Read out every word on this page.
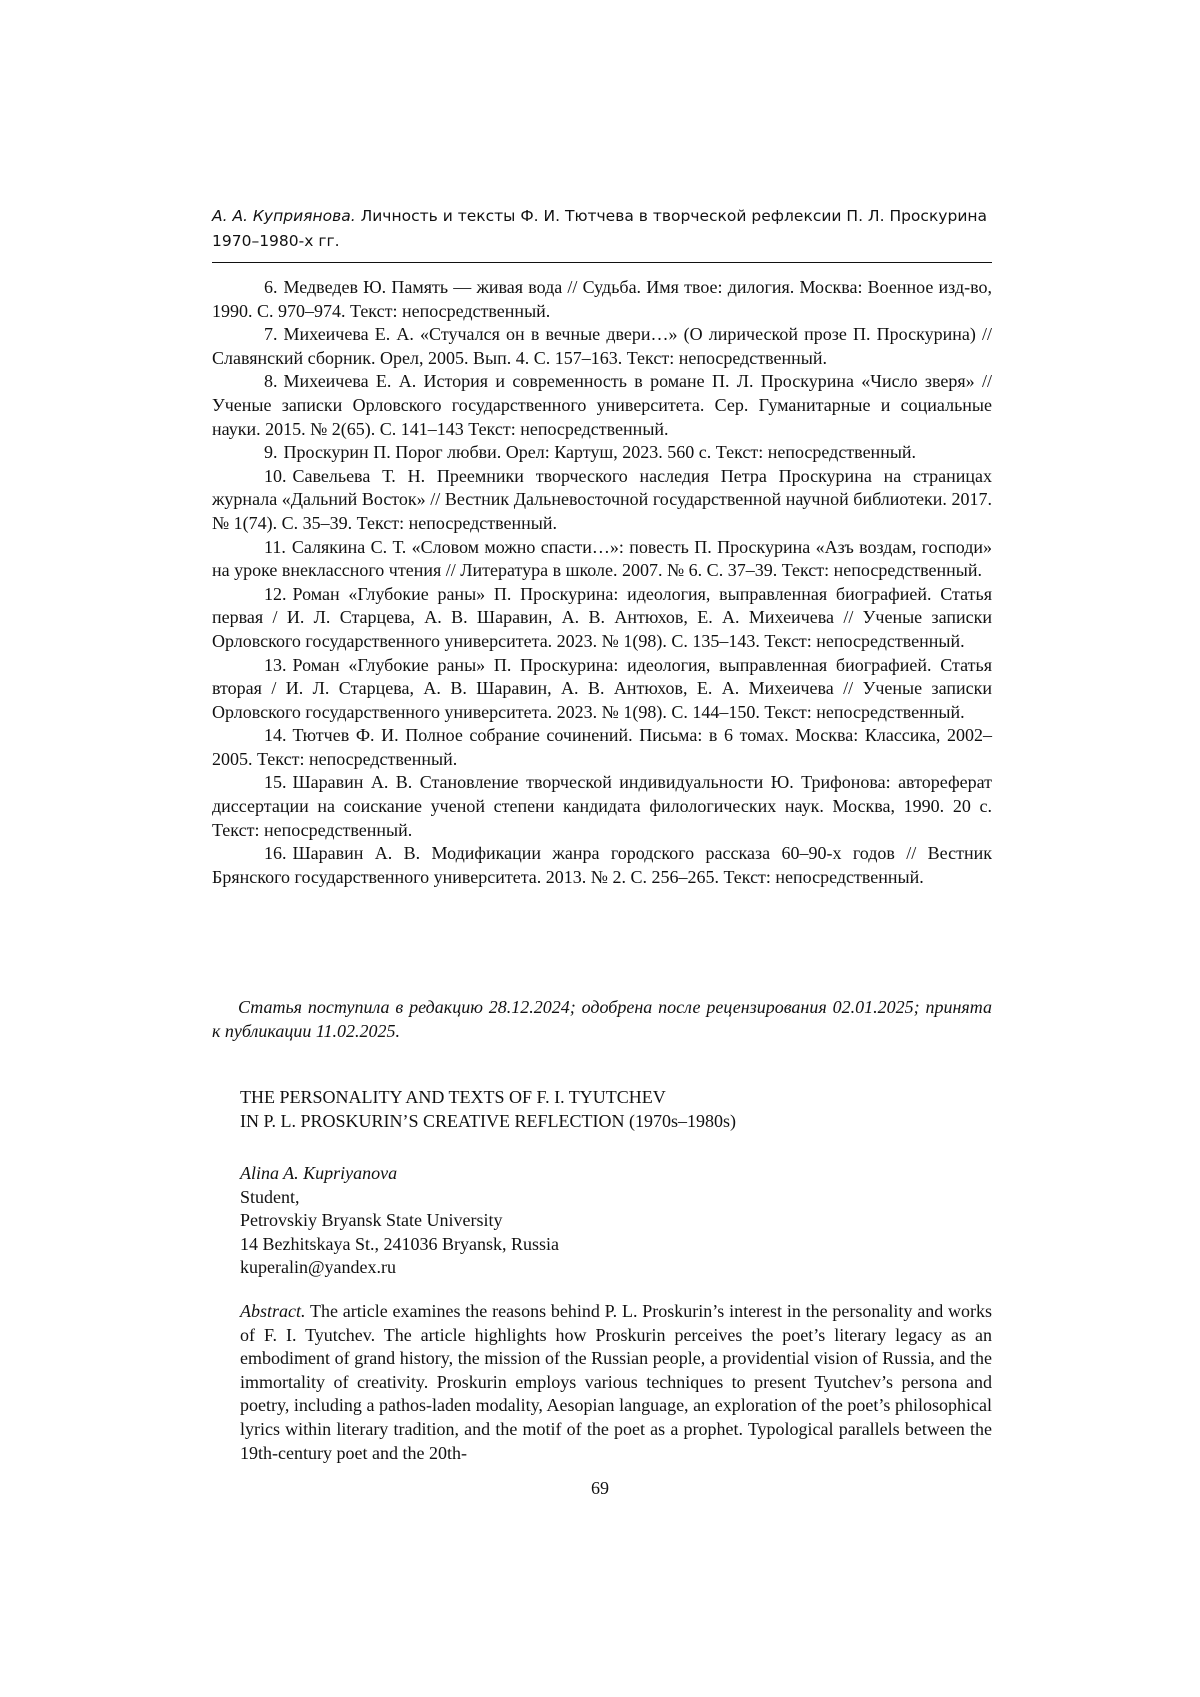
А. А. Куприянова. Личность и тексты Ф. И. Тютчева в творческой рефлексии П. Л. Проскурина 1970–1980-х гг.

6. Медведев Ю. Память — живая вода // Судьба. Имя твое: дилогия. Москва: Военное изд-во, 1990. С. 970–974. Текст: непосредственный.

7. Михеичева Е. А. «Стучался он в вечные двери…» (О лирической прозе П. Проскурина) // Славянский сборник. Орел, 2005. Вып. 4. С. 157–163. Текст: непосредственный.

8. Михеичева Е. А. История и современность в романе П. Л. Проскурина «Число зверя» // Ученые записки Орловского государственного университета. Сер. Гуманитарные и социальные науки. 2015. № 2(65). С. 141–143 Текст: непосредственный.

9. Проскурин П. Порог любви. Орел: Картуш, 2023. 560 с. Текст: непосредственный.

10. Савельева Т. Н. Преемники творческого наследия Петра Проскурина на страницах журнала «Дальний Восток» // Вестник Дальневосточной государственной научной библиотеки. 2017. № 1(74). С. 35–39. Текст: непосредственный.

11. Салякина С. Т. «Словом можно спасти…»: повесть П. Проскурина «Азъ воздам, господи» на уроке внеклассного чтения // Литература в школе. 2007. № 6. С. 37–39. Текст: непосредственный.

12. Роман «Глубокие раны» П. Проскурина: идеология, выправленная биографией. Статья первая / И. Л. Старцева, А. В. Шаравин, А. В. Антюхов, Е. А. Михеичева // Ученые записки Орловского государственного университета. 2023. № 1(98). С. 135–143. Текст: непосредственный.

13. Роман «Глубокие раны» П. Проскурина: идеология, выправленная биографией. Статья вторая / И. Л. Старцева, А. В. Шаравин, А. В. Антюхов, Е. А. Михеичева // Ученые записки Орловского государственного университета. 2023. № 1(98). С. 144–150. Текст: непосредственный.

14. Тютчев Ф. И. Полное собрание сочинений. Письма: в 6 томах. Москва: Классика, 2002–2005. Текст: непосредственный.

15. Шаравин А. В. Становление творческой индивидуальности Ю. Трифонова: автореферат диссертации на соискание ученой степени кандидата филологических наук. Москва, 1990. 20 с. Текст: непосредственный.

16. Шаравин А. В. Модификации жанра городского рассказа 60–90-х годов // Вестник Брянского государственного университета. 2013. № 2. С. 256–265. Текст: непосредственный.

Статья поступила в редакцию 28.12.2024; одобрена после рецензирования 02.01.2025; принята к публикации 11.02.2025.
THE PERSONALITY AND TEXTS OF F. I. TYUTCHEV
IN P. L. PROSKURIN’S CREATIVE REFLECTION (1970s–1980s)
Alina A. Kupriyanova
Student,
Petrovskiy Bryansk State University
14 Bezhitskaya St., 241036 Bryansk, Russia
kuperalin@yandex.ru
Abstract. The article examines the reasons behind P. L. Proskurin’s interest in the personality and works of F. I. Tyutchev. The article highlights how Proskurin perceives the poet’s literary legacy as an embodiment of grand history, the mission of the Russian people, a providential vision of Russia, and the immortality of creativity. Proskurin employs various techniques to present Tyutchev’s persona and poetry, including a pathos-laden modality, Aesopian language, an exploration of the poet’s philosophical lyrics within literary tradition, and the motif of the poet as a prophet. Typological parallels between the 19th-century poet and the 20th-
69
